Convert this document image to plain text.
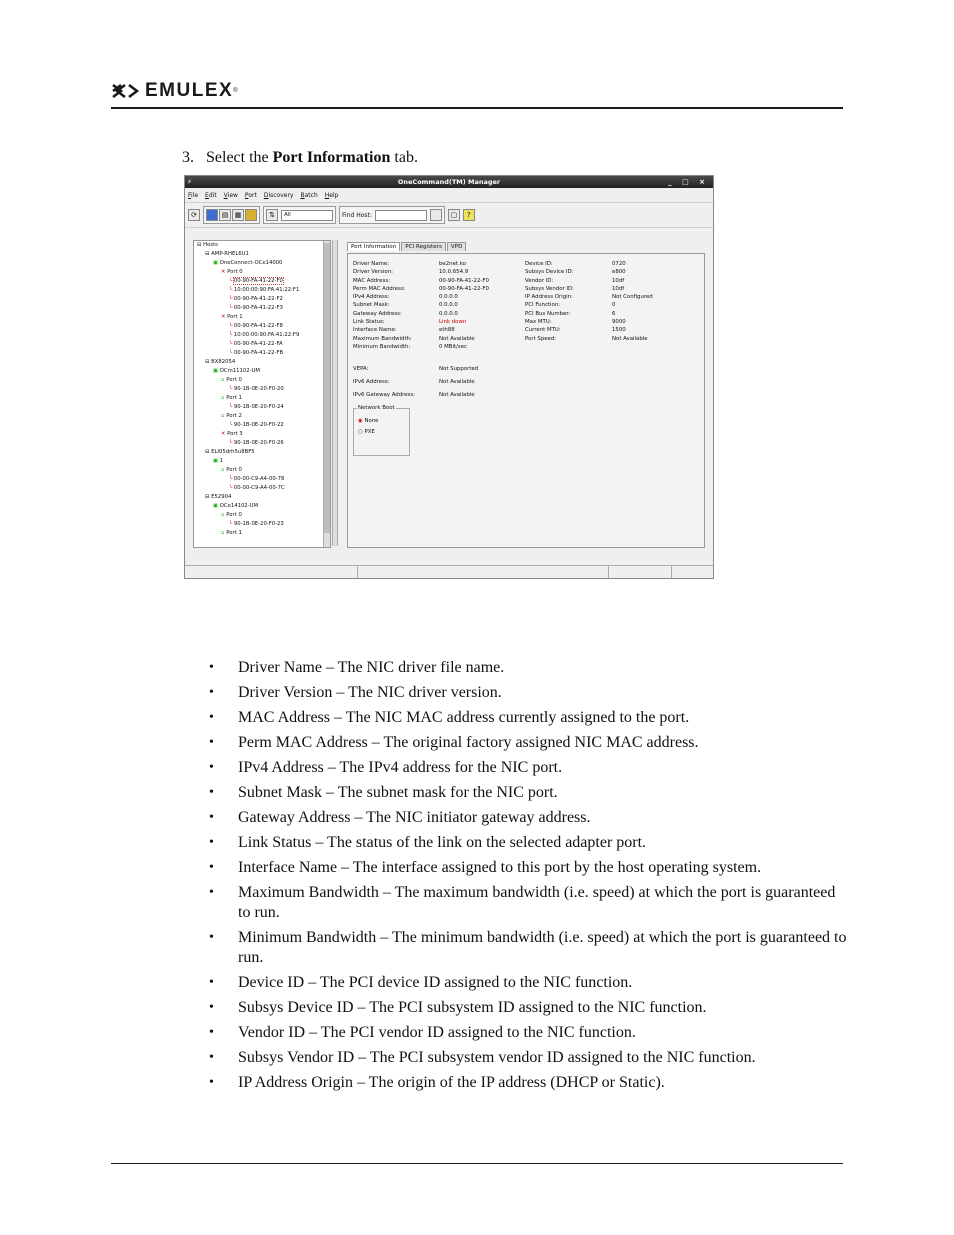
EMULEX ®
3. Select the Port Information tab.
⚡	OneCommand(TM) Manager	_ □ ×
File Edit View Port Discovery Batch Help
⟳	▤ ▦	⇅	All	Find Host:	▢	?
⊟ Hosts
⊟ AMP-RHEL6U1
▣ OneConnect-OCe14000
✕ Port 0
└ 00-90-FA-41-22-F0
└ 10:00:00:90:FA:41:22:F1
└ 00-90-FA-41-22-F2
└ 00-90-FA-41-22-F3
✕ Port 1
└ 00-90-FA-41-22-F8
└ 10:00:00:90:FA:41:22:F9
└ 00-90-FA-41-22-FA
└ 00-90-FA-41-22-FB
⊟ BX82054
▣ OCm11102-UM
▫ Port 0
└ 90-1B-0E-20-F0-20
▫ Port 1
└ 90-1B-0E-20-F0-24
▫ Port 2
└ 90-1B-0E-20-F0-22
✕ Port 3
└ 90-1B-0E-20-F0-26
⊟ ELI05drh5u8BF5
▣ 1
▫ Port 0
└ 00-00-C9-A4-00-78
└ 00-00-C9-A4-00-7C
⊟ E52904
▣ OCe14102-UM
▫ Port 0
└ 90-1B-0E-20-F0-23
▫ Port 1
Port Information	PCI Registers	VPD
Driver Name:	be2net.ko	Device ID:	0720
Driver Version:	10.0.654.9	Subsys Device ID:	e800
MAC Address:	00-90-FA-41-22-F0	Vendor ID:	10df
Perm MAC Address:	00-90-FA-41-22-F0	Subsys Vendor ID:	10df
IPv4 Address:	0.0.0.0	IP Address Origin:	Not Configured
Subnet Mask:	0.0.0.0	PCI Function:	0
Gateway Address:	0.0.0.0	PCI Bus Number:	6
Link Status:	Link down	Max MTU:	9000
Interface Name:	eth88	Current MTU:	1500
Maximum Bandwidth:	Not Available	Port Speed:	Not Available
Minimum Bandwidth:	0 MBit/sec
VEPA:	Not Supported
IPv6 Address:	Not Available
IPv6 Gateway Address:	Not Available
Network Boot
◉ None
○ PXE
• Driver Name – The NIC driver file name.
• Driver Version – The NIC driver version.
• MAC Address – The NIC MAC address currently assigned to the port.
• Perm MAC Address – The original factory assigned NIC MAC address.
• IPv4 Address – The IPv4 address for the NIC port.
• Subnet Mask – The subnet mask for the NIC port.
• Gateway Address – The NIC initiator gateway address.
• Link Status – The status of the link on the selected adapter port.
• Interface Name – The interface assigned to this port by the host operating system.
• Maximum Bandwidth – The maximum bandwidth (i.e. speed) at which the port is guaranteed to run.
• Minimum Bandwidth – The minimum bandwidth (i.e. speed) at which the port is guaranteed to run.
• Device ID – The PCI device ID assigned to the NIC function.
• Subsys Device ID – The PCI subsystem ID assigned to the NIC function.
• Vendor ID – The PCI vendor ID assigned to the NIC function.
• Subsys Vendor ID – The PCI subsystem vendor ID assigned to the NIC function.
• IP Address Origin – The origin of the IP address (DHCP or Static).
